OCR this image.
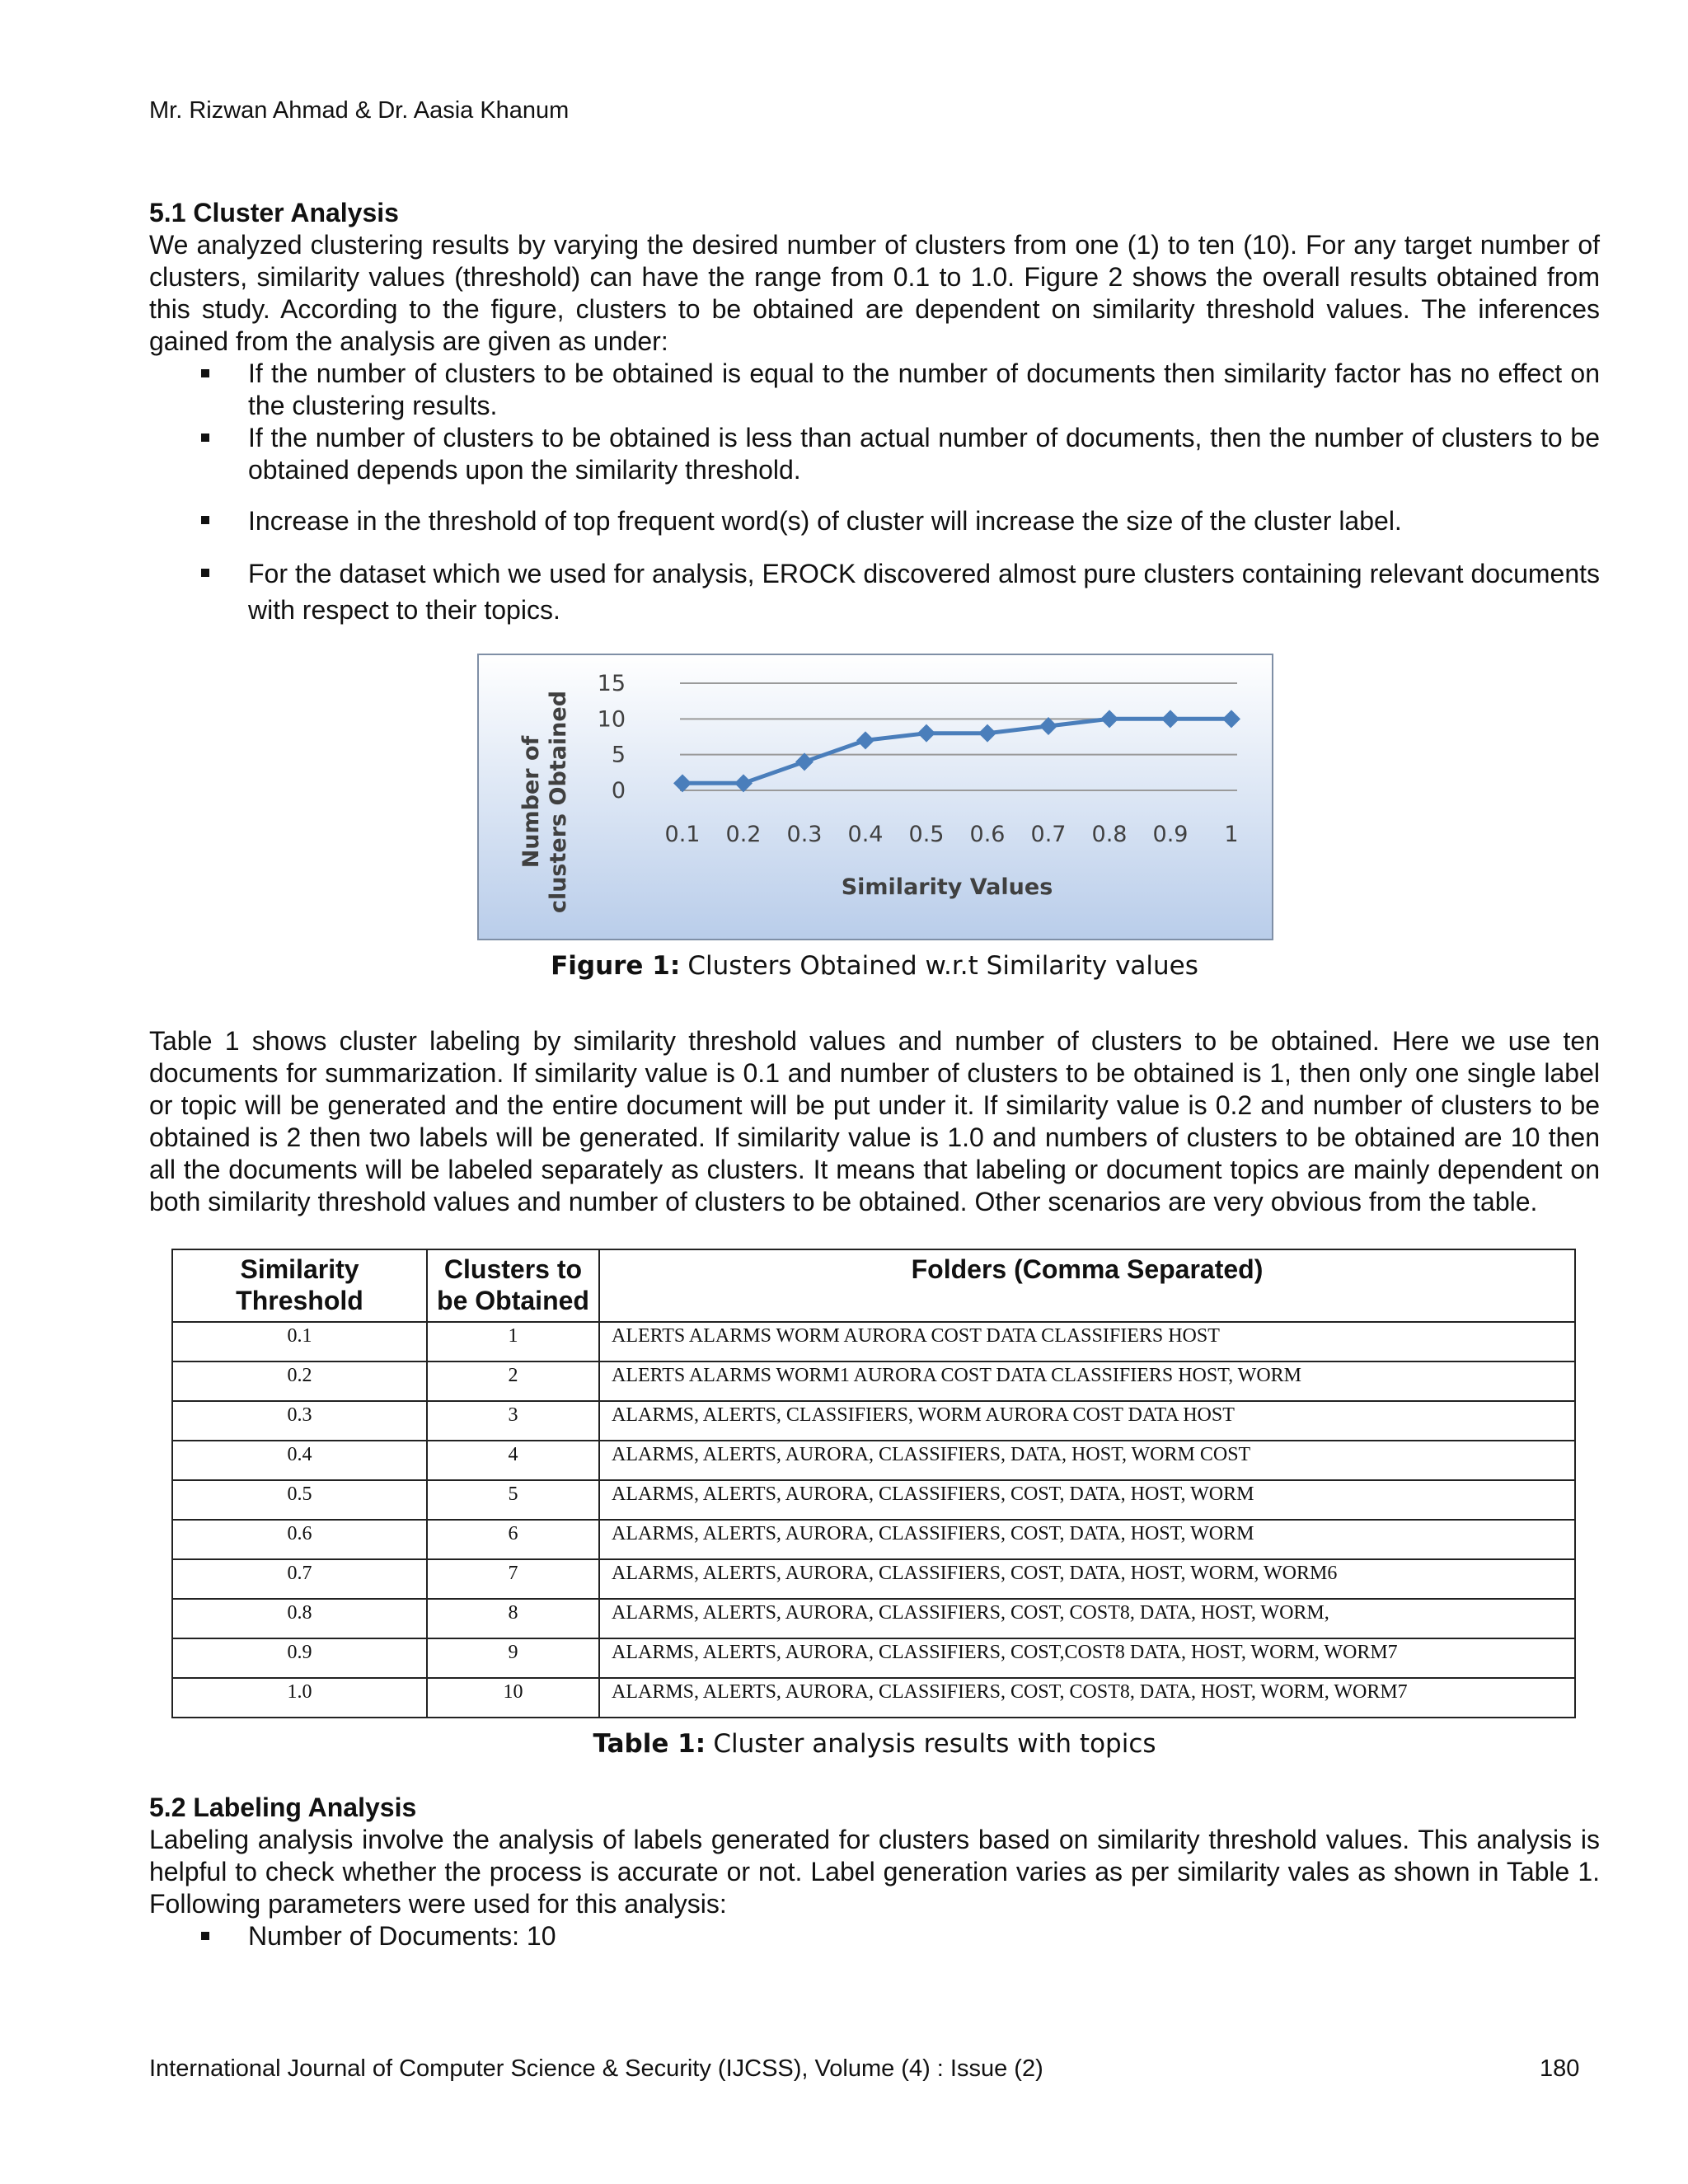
Mr. Rizwan Ahmad & Dr. Aasia Khanum

5.1 Cluster Analysis

We analyzed clustering results by varying the desired number of clusters from one (1) to ten (10). For any target number of clusters, similarity values (threshold) can have the range from 0.1 to 1.0. Figure 2 shows the overall results obtained from this study. According to the figure, clusters to be obtained are dependent on similarity threshold values. The inferences gained from the analysis are given as under:

If the number of clusters to be obtained is equal to the number of documents then similarity factor has no effect on the clustering results.
If the number of clusters to be obtained is less than actual number of documents, then the number of clusters to be obtained depends upon the similarity threshold.
Increase in the threshold of top frequent word(s) of cluster will increase the size of the cluster label.
For the dataset which we used for analysis, EROCK discovered almost pure clusters containing relevant documents with respect to their topics.
0
5
10
15
0.1 0.2 0.3 0.4 0.5 0.6 0.7 0.8 0.9 1
Number ofclusters Obtained	Similarity Values
Figure 1: Clusters Obtained w.r.t Similarity values

Table 1 shows cluster labeling by similarity threshold values and number of clusters to be obtained. Here we use ten documents for summarization. If similarity value is 0.1 and number of clusters to be obtained is 1, then only one single label or topic will be generated and the entire document will be put under it. If similarity value is 0.2 and number of clusters to be obtained is 2 then two labels will be generated. If similarity value is 1.0 and numbers of clusters to be obtained are 10 then all the documents will be labeled separately as clusters. It means that labeling or document topics are mainly dependent on both similarity threshold values and number of clusters to be obtained. Other scenarios are very obvious from the table.

Similarity Threshold	Clusters to be Obtained	Folders (Comma Separated)
0.1	1	ALERTS ALARMS WORM AURORA COST DATA CLASSIFIERS HOST
0.2	2	ALERTS ALARMS WORM1 AURORA COST DATA CLASSIFIERS HOST, WORM
0.3	3	ALARMS, ALERTS, CLASSIFIERS, WORM AURORA COST DATA HOST
0.4	4	ALARMS, ALERTS, AURORA, CLASSIFIERS, DATA, HOST, WORM COST
0.5	5	ALARMS, ALERTS, AURORA, CLASSIFIERS, COST, DATA, HOST, WORM
0.6	6	ALARMS, ALERTS, AURORA, CLASSIFIERS, COST, DATA, HOST, WORM
0.7	7	ALARMS, ALERTS, AURORA, CLASSIFIERS, COST, DATA, HOST, WORM, WORM6
0.8	8	ALARMS, ALERTS, AURORA, CLASSIFIERS, COST, COST8, DATA, HOST, WORM,
0.9	9	ALARMS, ALERTS, AURORA, CLASSIFIERS, COST,COST8 DATA, HOST, WORM, WORM7
1.0	10	ALARMS, ALERTS, AURORA, CLASSIFIERS, COST, COST8, DATA, HOST, WORM, WORM7
Table 1: Cluster analysis results with topics

5.2 Labeling Analysis

Labeling analysis involve the analysis of labels generated for clusters based on similarity threshold values. This analysis is helpful to check whether the process is accurate or not. Label generation varies as per similarity vales as shown in Table 1. Following parameters were used for this analysis:

Number of Documents: 10
International Journal of Computer Science & Security (IJCSS), Volume (4) : Issue (2)	180
